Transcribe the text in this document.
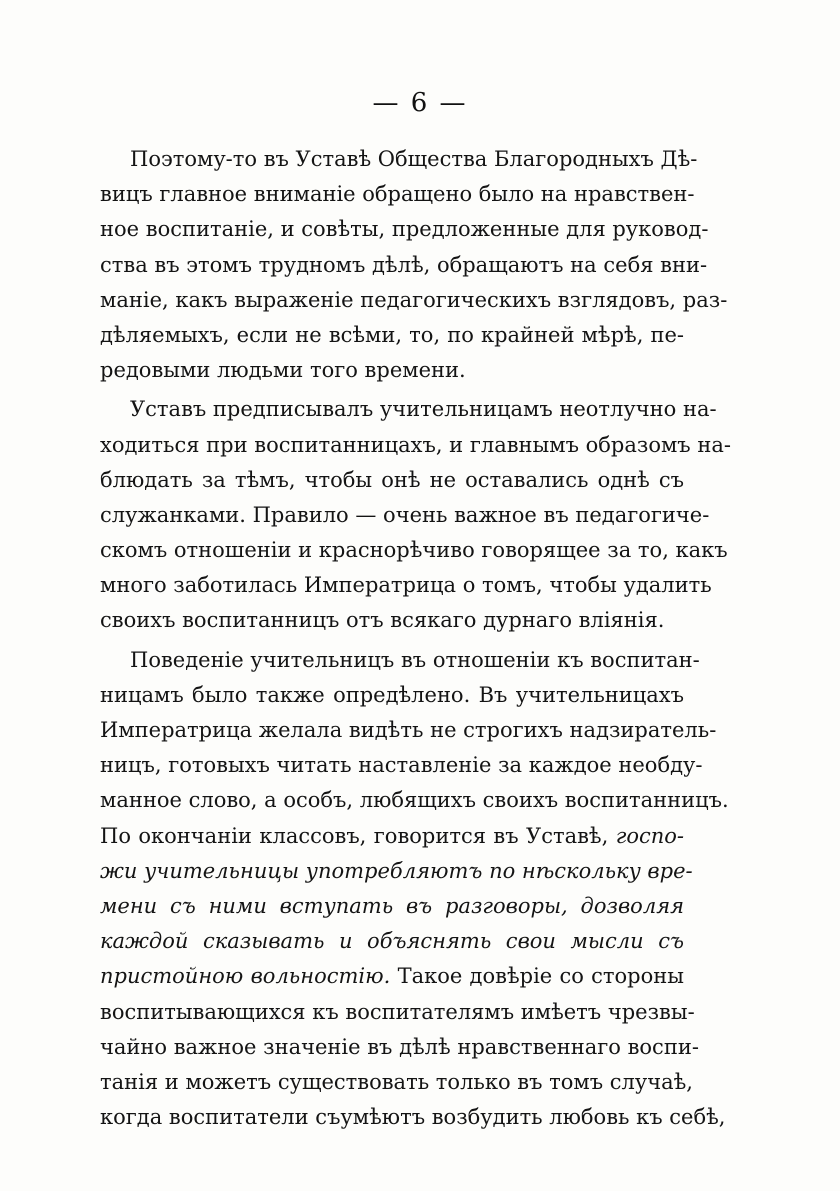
— 6 —
Поэтому-то въ Уставѣ Общества Благородныхъ Дѣ-
вицъ главное вниманіе обращено было на нравствен-
ное воспитаніе, и совѣты, предложенные для руковод-
ства въ этомъ трудномъ дѣлѣ, обращаютъ на себя вни-
маніе, какъ выраженіе педагогическихъ взглядовъ, раз-
дѣляемыхъ, если не всѣми, то, по крайней мѣрѣ, пе-
редовыми людьми того времени.
Уставъ предписывалъ учительницамъ неотлучно на-
ходиться при воспитанницахъ, и главнымъ образомъ на-
блюдать за тѣмъ, чтобы онѣ не оставались однѣ съ
служанками. Правило — очень важное въ педагогиче-
скомъ отношеніи и краснорѣчиво говорящее за то, какъ
много заботилась Императрица о томъ, чтобы удалить
своихъ воспитанницъ отъ всякаго дурнаго вліянія.
Поведеніе учительницъ въ отношеніи къ воспитан-
ницамъ было также опредѣлено. Въ учительницахъ
Императрица желала видѣть не строгихъ надзиратель-
ницъ, готовыхъ читать наставленіе за каждое необду-
манное слово, а особъ, любящихъ своихъ воспитанницъ.
По окончаніи классовъ, говорится въ Уставѣ, госпо-
жи учительницы употребляютъ по нѣскольку вре-
мени съ ними вступать въ разговоры, дозволяя
каждой сказывать и объяснять свои мысли съ
пристойною вольностію. Такое довѣріе со стороны
воспитывающихся къ воспитателямъ имѣетъ чрезвы-
чайно важное значеніе въ дѣлѣ нравственнаго воспи-
танія и можетъ существовать только въ томъ случаѣ,
когда воспитатели съумѣютъ возбудить любовь къ себѣ,
